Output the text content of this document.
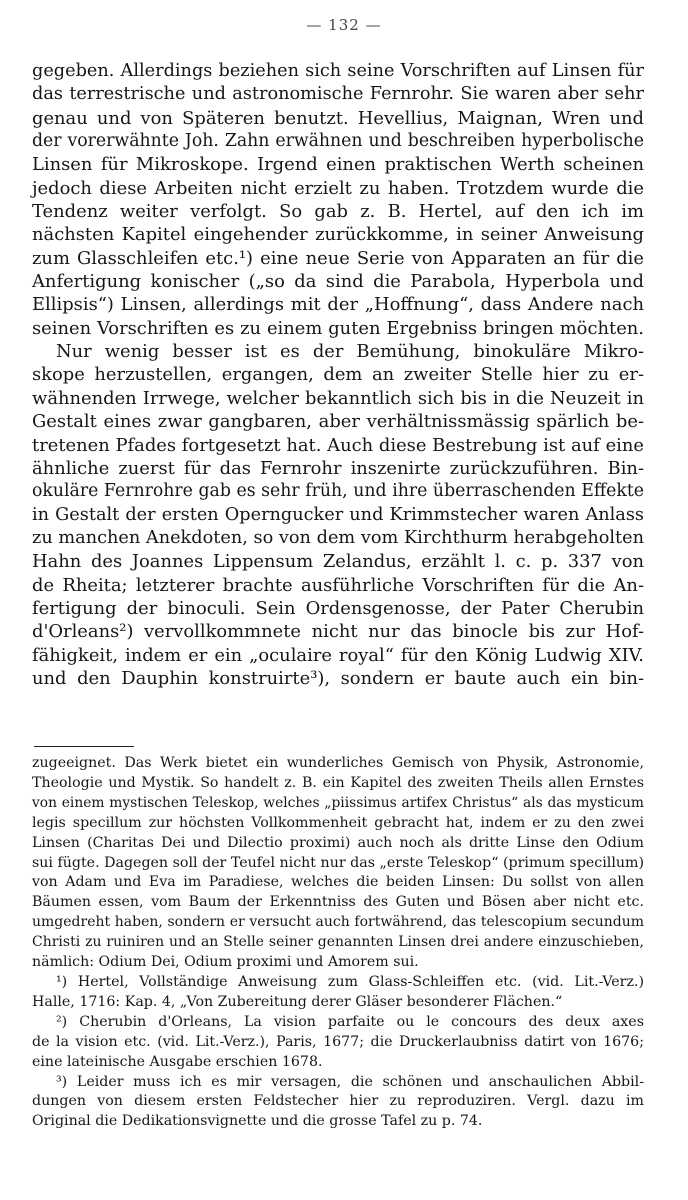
— 132 —
gegeben. Allerdings beziehen sich seine Vorschriften auf Linsen für
das terrestrische und astronomische Fernrohr. Sie waren aber sehr
genau und von Späteren benutzt. Hevellius, Maignan, Wren und
der vorerwähnte Joh. Zahn erwähnen und beschreiben hyperbolische
Linsen für Mikroskope. Irgend einen praktischen Werth scheinen
jedoch diese Arbeiten nicht erzielt zu haben. Trotzdem wurde die
Tendenz weiter verfolgt. So gab z. B. Hertel, auf den ich im
nächsten Kapitel eingehender zurückkomme, in seiner Anweisung
zum Glasschleifen etc.¹) eine neue Serie von Apparaten an für die
Anfertigung konischer („so da sind die Parabola, Hyperbola und
Ellipsis“) Linsen, allerdings mit der „Hoffnung“, dass Andere nach
seinen Vorschriften es zu einem guten Ergebniss bringen möchten.
Nur wenig besser ist es der Bemühung, binokuläre Mikro-
skope herzustellen, ergangen, dem an zweiter Stelle hier zu er-
wähnenden Irrwege, welcher bekanntlich sich bis in die Neuzeit in
Gestalt eines zwar gangbaren, aber verhältnissmässig spärlich be-
tretenen Pfades fortgesetzt hat. Auch diese Bestrebung ist auf eine
ähnliche zuerst für das Fernrohr inszenirte zurückzuführen. Bin-
okuläre Fernrohre gab es sehr früh, und ihre überraschenden Effekte
in Gestalt der ersten Operngucker und Krimmstecher waren Anlass
zu manchen Anekdoten, so von dem vom Kirchthurm herabgeholten
Hahn des Joannes Lippensum Zelandus, erzählt l. c. p. 337 von
de Rheita; letzterer brachte ausführliche Vorschriften für die An-
fertigung der binoculi. Sein Ordensgenosse, der Pater Cherubin
d'Orleans²) vervollkommnete nicht nur das binocle bis zur Hof-
fähigkeit, indem er ein „oculaire royal“ für den König Ludwig XIV.
und den Dauphin konstruirte³), sondern er baute auch ein bin-
zugeeignet. Das Werk bietet ein wunderliches Gemisch von Physik, Astronomie,
Theologie und Mystik. So handelt z. B. ein Kapitel des zweiten Theils allen Ernstes
von einem mystischen Teleskop, welches „piissimus artifex Christus“ als das mysticum
legis specillum zur höchsten Vollkommenheit gebracht hat, indem er zu den zwei
Linsen (Charitas Dei und Dilectio proximi) auch noch als dritte Linse den Odium
sui fügte. Dagegen soll der Teufel nicht nur das „erste Teleskop“ (primum specillum)
von Adam und Eva im Paradiese, welches die beiden Linsen: Du sollst von allen
Bäumen essen, vom Baum der Erkenntniss des Guten und Bösen aber nicht etc.
umgedreht haben, sondern er versucht auch fortwährend, das telescopium secundum
Christi zu ruiniren und an Stelle seiner genannten Linsen drei andere einzuschieben,
nämlich: Odium Dei, Odium proximi und Amorem sui.
¹) Hertel, Vollständige Anweisung zum Glass-Schleiffen etc. (vid. Lit.-Verz.)
Halle, 1716: Kap. 4, „Von Zubereitung derer Gläser besonderer Flächen.“
²) Cherubin d'Orleans, La vision parfaite ou le concours des deux axes
de la vision etc. (vid. Lit.-Verz.), Paris, 1677; die Druckerlaubniss datirt von 1676;
eine lateinische Ausgabe erschien 1678.
³) Leider muss ich es mir versagen, die schönen und anschaulichen Abbil-
dungen von diesem ersten Feldstecher hier zu reproduziren. Vergl. dazu im
Original die Dedikationsvignette und die grosse Tafel zu p. 74.
